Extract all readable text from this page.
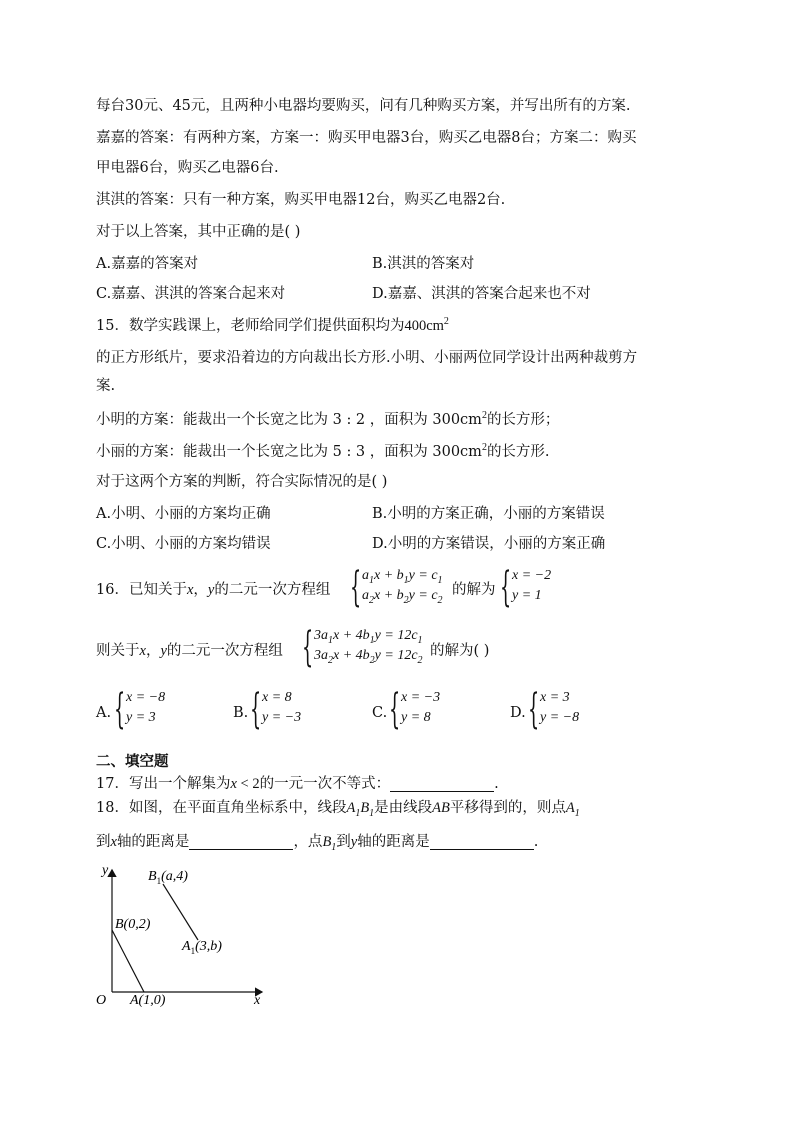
每台30元、45元，且两种小电器均要购买，问有几种购买方案，并写出所有的方案.
嘉嘉的答案：有两种方案，方案一：购买甲电器3台，购买乙电器8台；方案二：购买
甲电器6台，购买乙电器6台.
淇淇的答案：只有一种方案，购买甲电器12台，购买乙电器2台.
对于以上答案，其中正确的是( )
A.嘉嘉的答案对	B.淇淇的答案对
C.嘉嘉、淇淇的答案合起来对	D.嘉嘉、淇淇的答案合起来也不对
15．数学实践课上，老师给同学们提供面积均为$400cm^2$
的正方形纸片，要求沿着边的方向裁出长方形.小明、小丽两位同学设计出两种裁剪方
案.
小明的方案：能裁出一个长宽之比为 3 : 2 ，面积为 $300cm^2$的长方形；
小丽的方案：能裁出一个长宽之比为 5 : 3 ，面积为 $300cm^2$的长方形.
对于这两个方案的判断，符合实际情况的是( )
A.小明、小丽的方案均正确	B.小明的方案正确，小丽的方案错误
C.小明、小丽的方案均错误	D.小明的方案错误，小丽的方案正确
16．已知关于x，y的二元一次方程组 { $a_1x + b_1y = c_1$
$a_2x + b_2y = c_2$
的解为 { x = −2
y = 1
则关于x，y的二元一次方程组 { $3a_1x + 4b_1y = 12c_1$
$3a_2x + 4b_2y = 12c_2$
的解为( )
A. { x = −8
y = 3	B. { x = 8
y = −3	C. { x = −3
y = 8	D. { x = 3
y = −8
二、填空题
17．写出一个解集为x < 2的一元一次不等式：	.
18．如图，在平面直角坐标系中，线段$A_1B_1$是由线段AB平移得到的，则点$A_1$
到x轴的距离是	，点$B_1$到y轴的距离是	.
y
x
O
B(0,2)
A(1,0)
$B_1(a,4)$
$A_1(3,b)$
